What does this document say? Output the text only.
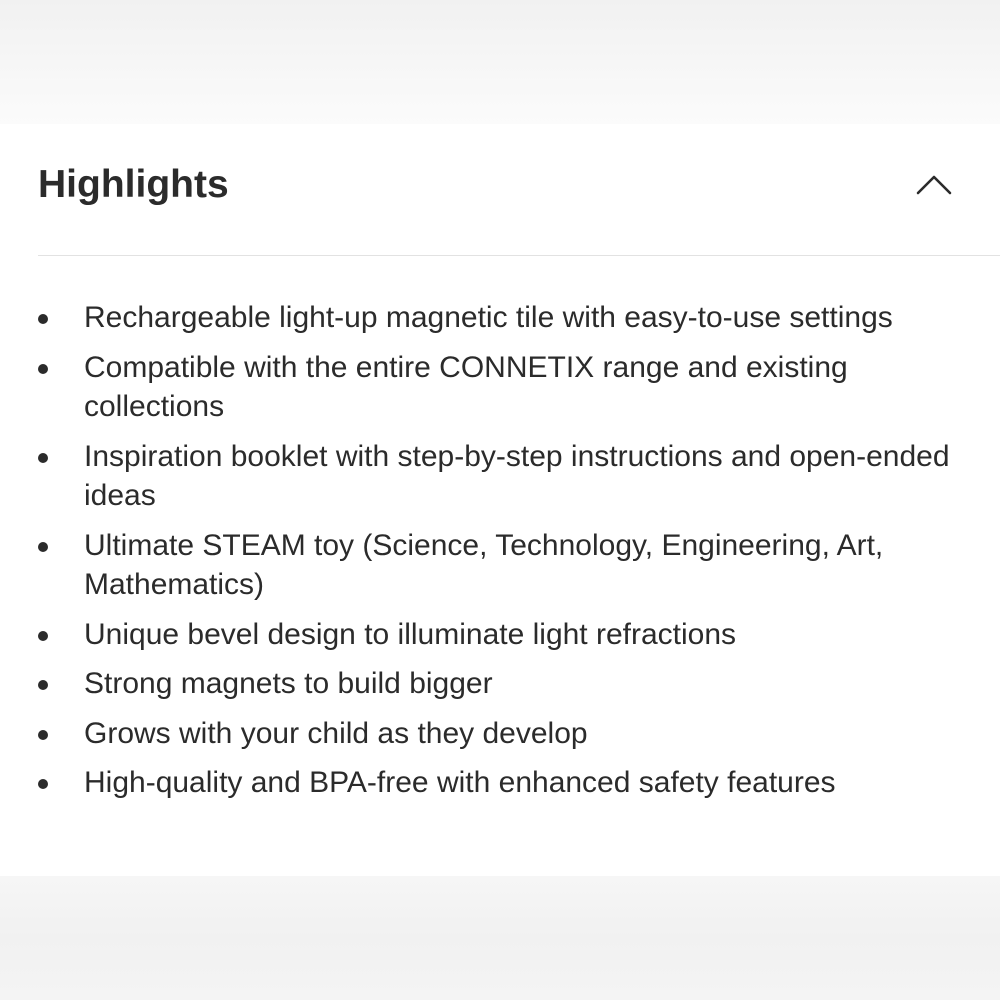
Highlights
Rechargeable light-up magnetic tile with easy-to-use settings
Compatible with the entire CONNETIX range and existing collections
Inspiration booklet with step-by-step instructions and open-ended ideas
Ultimate STEAM toy (Science, Technology, Engineering, Art, Mathematics)
Unique bevel design to illuminate light refractions
Strong magnets to build bigger
Grows with your child as they develop
High-quality and BPA-free with enhanced safety features
